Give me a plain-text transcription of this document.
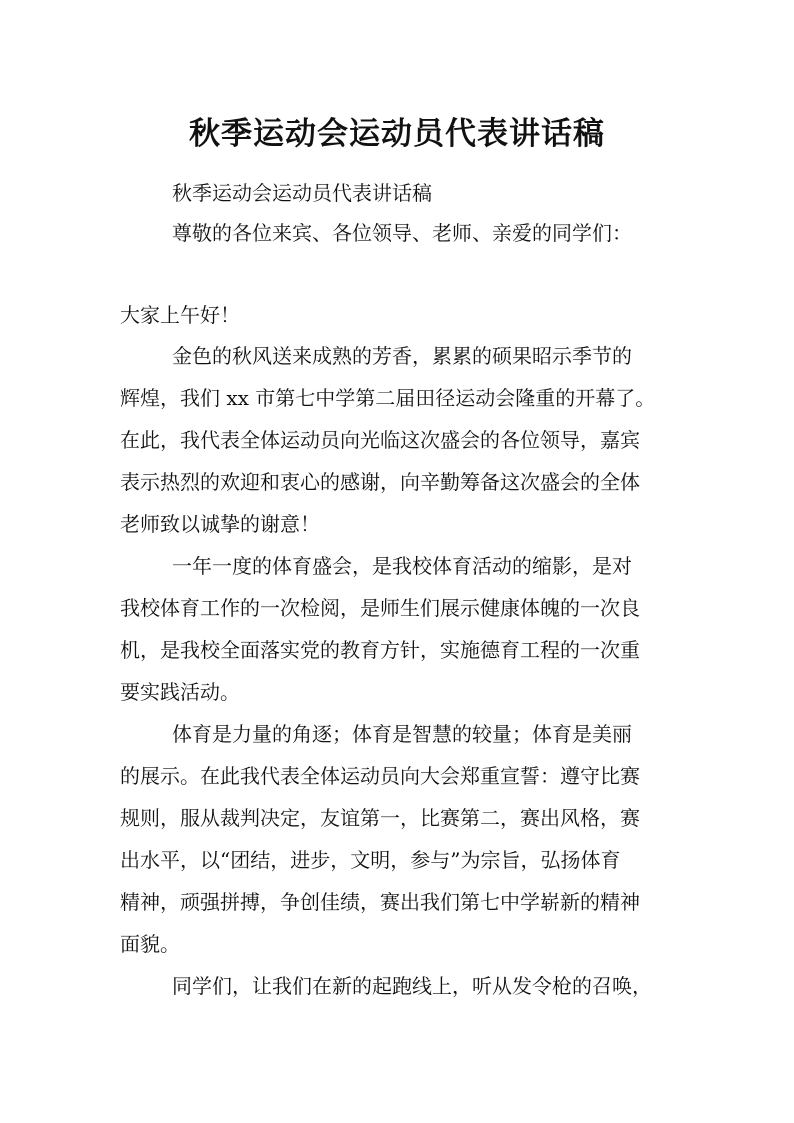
秋季运动会运动员代表讲话稿

秋季运动会运动员代表讲话稿

尊敬的各位来宾、各位领导、老师、亲爱的同学们：

大家上午好！

金色的秋风送来成熟的芳香，累累的硕果昭示季节的

辉煌，我们 xx 市第七中学第二届田径运动会隆重的开幕了。

在此，我代表全体运动员向光临这次盛会的各位领导，嘉宾

表示热烈的欢迎和衷心的感谢，向辛勤筹备这次盛会的全体

老师致以诚挚的谢意！

一年一度的体育盛会，是我校体育活动的缩影，是对

我校体育工作的一次检阅，是师生们展示健康体魄的一次良

机，是我校全面落实党的教育方针，实施德育工程的一次重

要实践活动。

体育是力量的角逐；体育是智慧的较量；体育是美丽

的展示。在此我代表全体运动员向大会郑重宣誓：遵守比赛

规则，服从裁判决定，友谊第一，比赛第二，赛出风格，赛

出水平，以“团结，进步，文明，参与”为宗旨，弘扬体育

精神，顽强拼搏，争创佳绩，赛出我们第七中学崭新的精神

面貌。

同学们，让我们在新的起跑线上，听从发令枪的召唤，
